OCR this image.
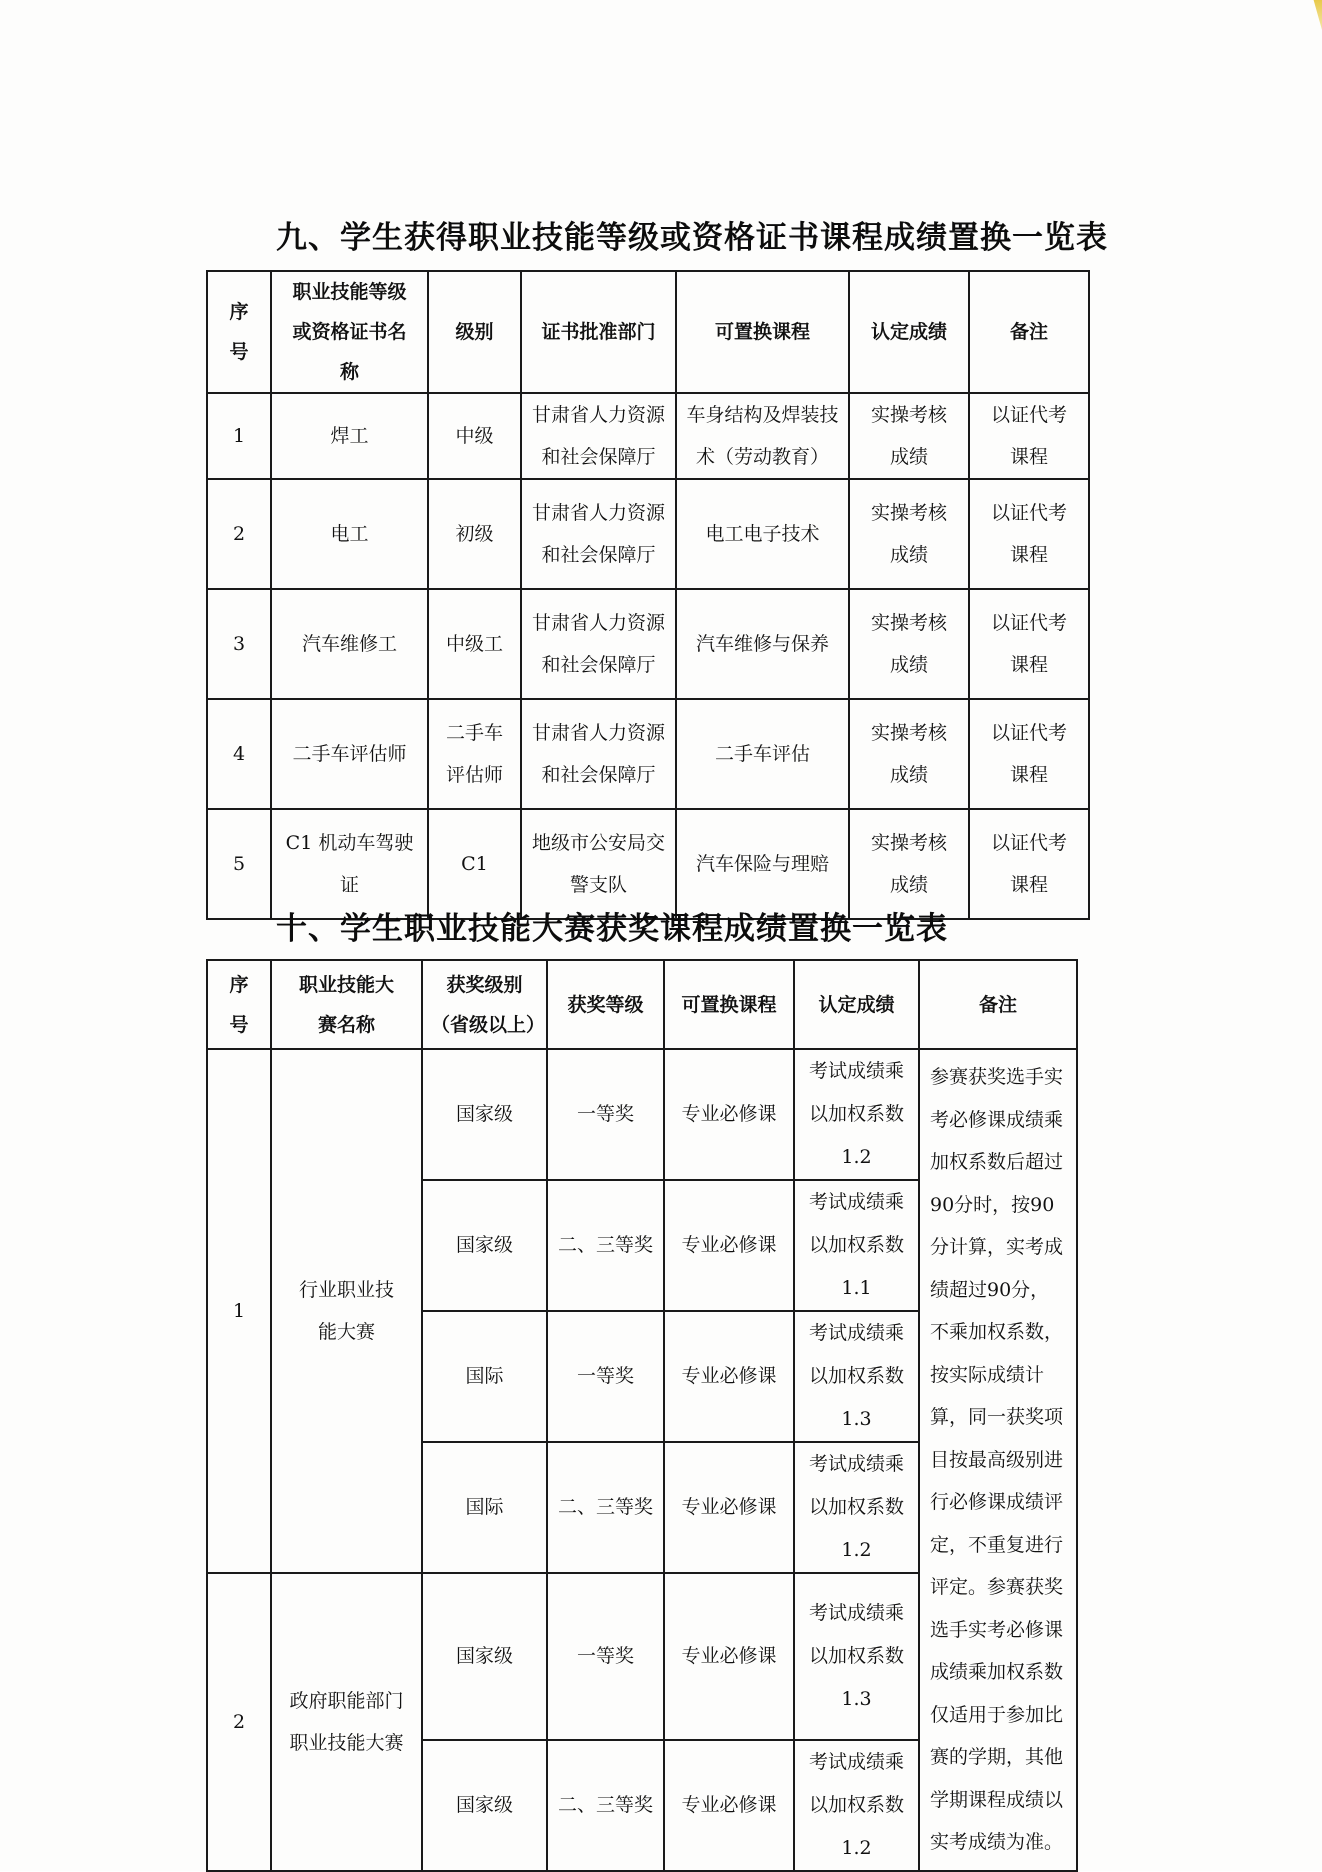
九、学生获得职业技能等级或资格证书课程成绩置换一览表
序号	职业技能等级或资格证书名称	级别	证书批准部门	可置换课程	认定成绩	备注
1	焊工	中级	甘肃省人力资源和社会保障厅	车身结构及焊装技术（劳动教育）	实操考核成绩	以证代考课程
2	电工	初级	甘肃省人力资源和社会保障厅	电工电子技术	实操考核成绩	以证代考课程
3	汽车维修工	中级工	甘肃省人力资源和社会保障厅	汽车维修与保养	实操考核成绩	以证代考课程
4	二手车评估师	二手车评估师	甘肃省人力资源和社会保障厅	二手车评估	实操考核成绩	以证代考课程
5	C1 机动车驾驶证	C1	地级市公安局交警支队	汽车保险与理赔	实操考核成绩	以证代考课程
十、学生职业技能大赛获奖课程成绩置换一览表
序号	职业技能大赛名称	获奖级别（省级以上）	获奖等级	可置换课程	认定成绩	备注
1	行业职业技能大赛	国家级	一等奖	专业必修课	考试成绩乘以加权系数1.2	参赛获奖选手实考必修课成绩乘加权系数后超过90分时，按90分计算，实考成绩超过90分，不乘加权系数，按实际成绩计算，同一获奖项目按最高级别进行必修课成绩评定，不重复进行评定。参赛获奖选手实考必修课成绩乘加权系数仅适用于参加比赛的学期，其他学期课程成绩以实考成绩为准。
		国家级	二、三等奖	专业必修课	考试成绩乘以加权系数1.1	
		国际	一等奖	专业必修课	考试成绩乘以加权系数1.3	
		国际	二、三等奖	专业必修课	考试成绩乘以加权系数1.2	
2	政府职能部门职业技能大赛	国家级	一等奖	专业必修课	考试成绩乘以加权系数1.3	
		国家级	二、三等奖	专业必修课	考试成绩乘以加权系数1.2	
